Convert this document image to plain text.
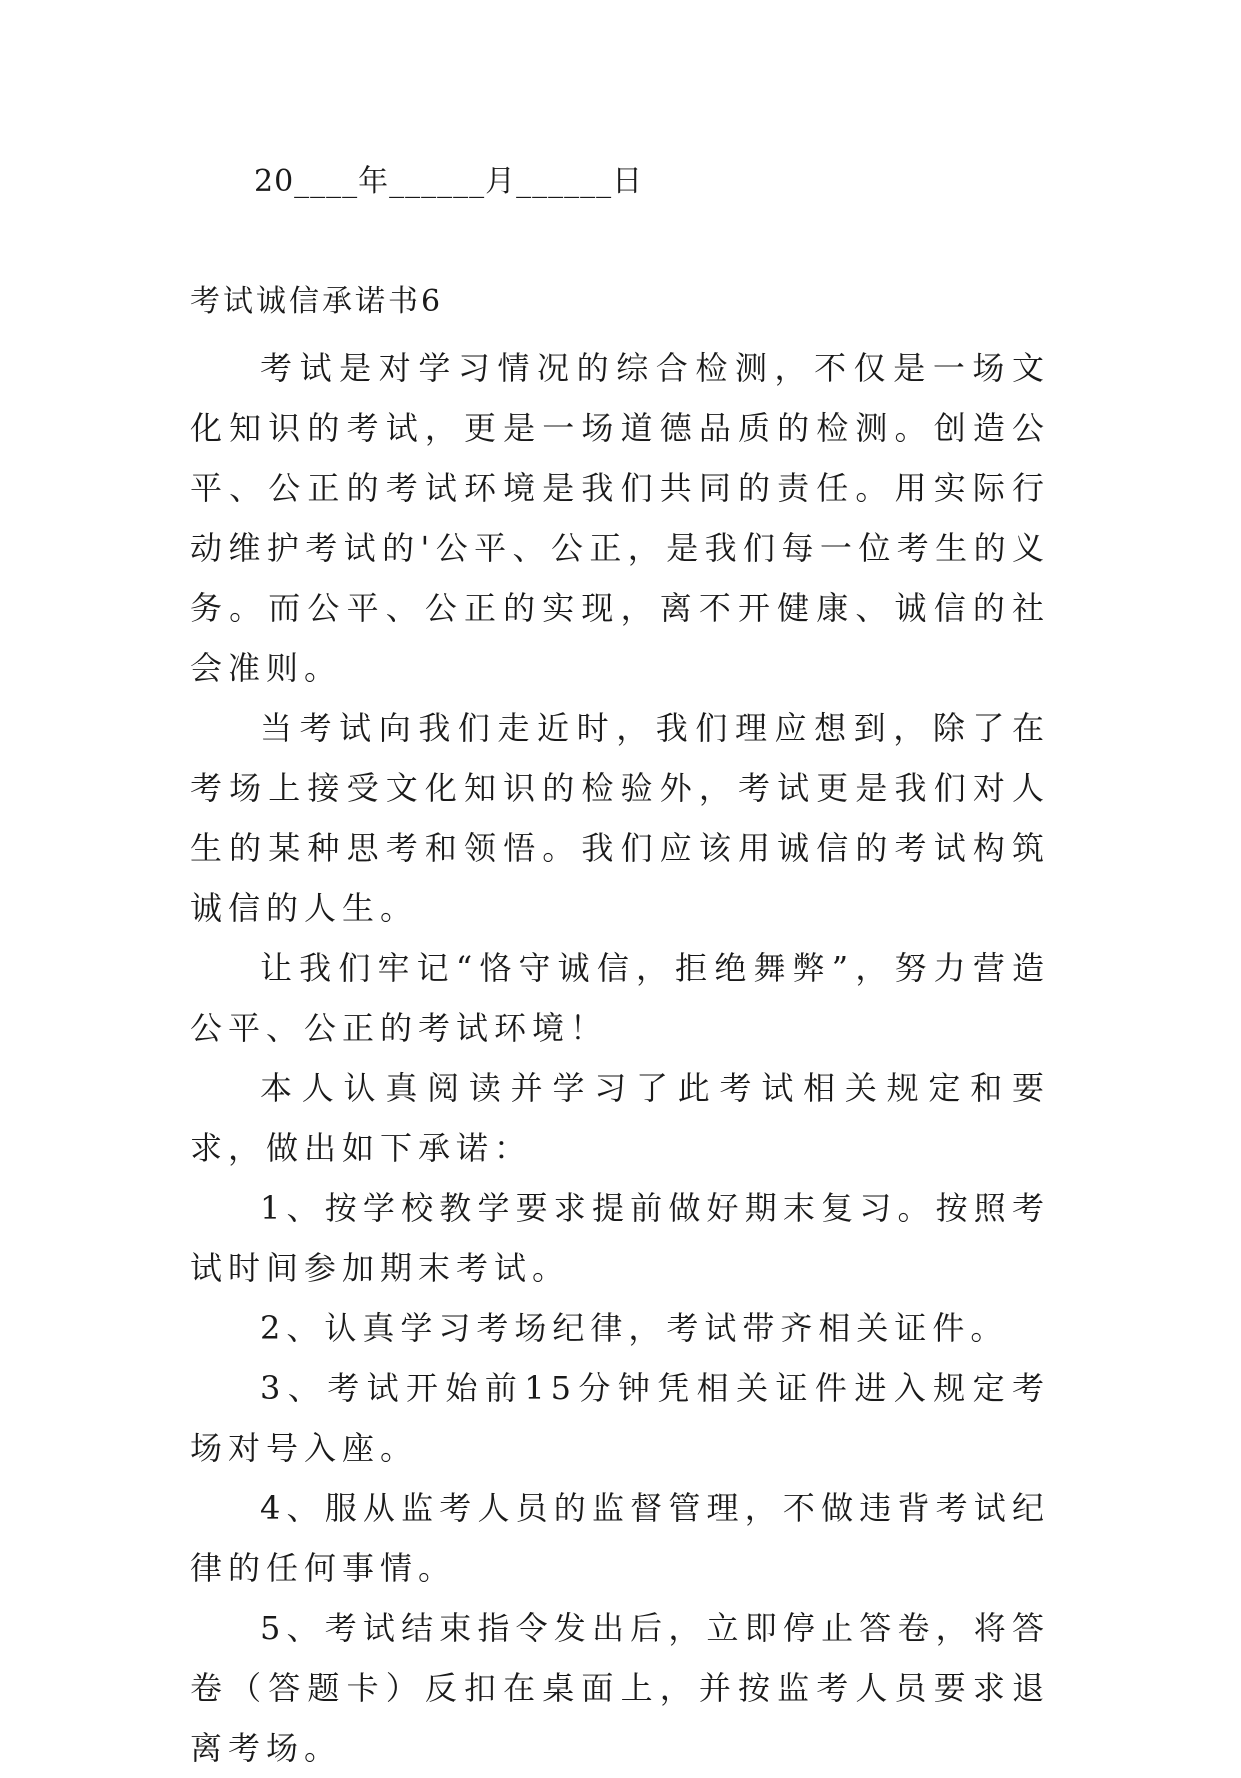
20____年______月______日
考试诚信承诺书6

考试是对学习情况的综合检测，不仅是一场文化知识的考试，更是一场道德品质的检测。创造公平、公正的考试环境是我们共同的责任。用实际行动维护考试的'公平、公正，是我们每一位考生的义务。而公平、公正的实现，离不开健康、诚信的社会准则。

当考试向我们走近时，我们理应想到，除了在考场上接受文化知识的检验外，考试更是我们对人生的某种思考和领悟。我们应该用诚信的考试构筑诚信的人生。

让我们牢记“恪守诚信，拒绝舞弊”，努力营造公平、公正的考试环境！

本人认真阅读并学习了此考试相关规定和要求，做出如下承诺：

1、按学校教学要求提前做好期末复习。按照考试时间参加期末考试。

2、认真学习考场纪律，考试带齐相关证件。

3、考试开始前15分钟凭相关证件进入规定考场对号入座。

4、服从监考人员的监督管理，不做违背考试纪律的任何事情。

5、考试结束指令发出后，立即停止答卷，将答卷（答题卡）反扣在桌面上，并按监考人员要求退离考场。
